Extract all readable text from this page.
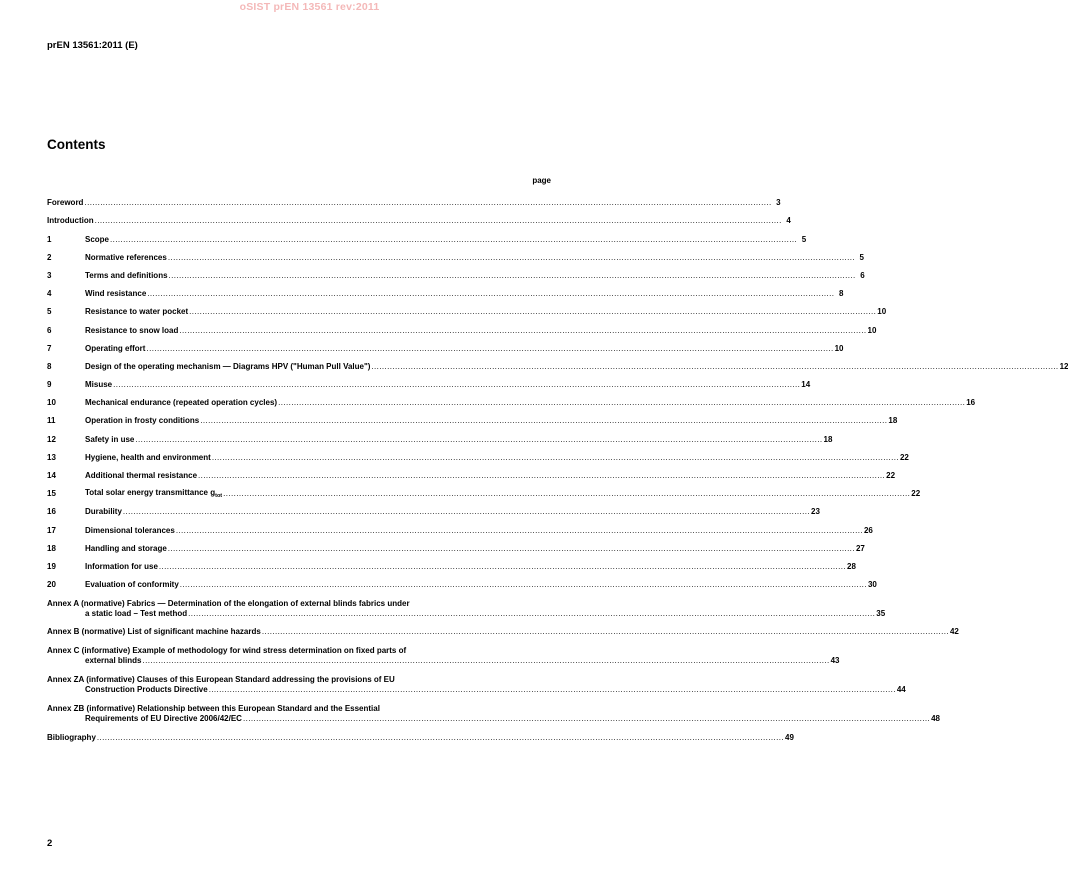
oSIST prEN 13561 rev:2011
prEN 13561:2011 (E)
Contents
page
Foreword ...................................................................................................................................................................................................................................................................... 3
Introduction ...................................................................................................................................................................................................................................................................... 4
1	Scope ...................................................................................................................................................................................................................................................................... 5
2	Normative references ...................................................................................................................................................................................................................................................................... 5
3	Terms and definitions ...................................................................................................................................................................................................................................................................... 6
4	Wind resistance ...................................................................................................................................................................................................................................................................... 8
5	Resistance to water pocket ...................................................................................................................................................................................................................................................................... 10
6	Resistance to snow load ...................................................................................................................................................................................................................................................................... 10
7	Operating effort ...................................................................................................................................................................................................................................................................... 10
8	Design of the operating mechanism — Diagrams HPV ("Human Pull Value") ...................................................................................................................................................................................................................................................................... 12
9	Misuse ...................................................................................................................................................................................................................................................................... 14
10	Mechanical endurance (repeated operation cycles) ...................................................................................................................................................................................................................................................................... 16
11	Operation in frosty conditions ...................................................................................................................................................................................................................................................................... 18
12	Safety in use ...................................................................................................................................................................................................................................................................... 18
13	Hygiene, health and environment ...................................................................................................................................................................................................................................................................... 22
14	Additional thermal resistance ...................................................................................................................................................................................................................................................................... 22
15	Total solar energy transmittance $g_{tot}$ ...................................................................................................................................................................................................................................................................... 22
16	Durability ...................................................................................................................................................................................................................................................................... 23
17	Dimensional tolerances ...................................................................................................................................................................................................................................................................... 26
18	Handling and storage ...................................................................................................................................................................................................................................................................... 27
19	Information for use ...................................................................................................................................................................................................................................................................... 28
20	Evaluation of conformity ...................................................................................................................................................................................................................................................................... 30
Annex A (normative) Fabrics — Determination of the elongation of external blinds fabrics under
a static load – Test method ...................................................................................................................................................................................................................................................................... 35
Annex B (normative) List of significant machine hazards ...................................................................................................................................................................................................................................................................... 42
Annex C (informative) Example of methodology for wind stress determination on fixed parts of
external blinds ...................................................................................................................................................................................................................................................................... 43
Annex ZA (informative) Clauses of this European Standard addressing the provisions of EU
Construction Products Directive ...................................................................................................................................................................................................................................................................... 44
Annex ZB (informative) Relationship between this European Standard and the Essential
Requirements of EU Directive 2006/42/EC ...................................................................................................................................................................................................................................................................... 48
Bibliography ...................................................................................................................................................................................................................................................................... 49
2
